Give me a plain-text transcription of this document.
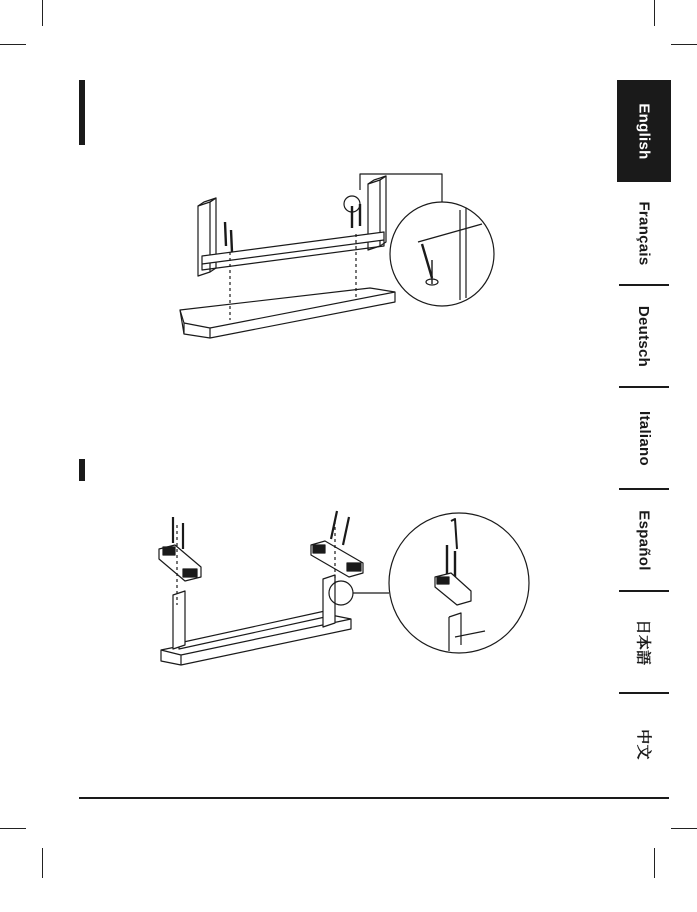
English
Français
Deutsch
Italiano
Español
日本語
中文
